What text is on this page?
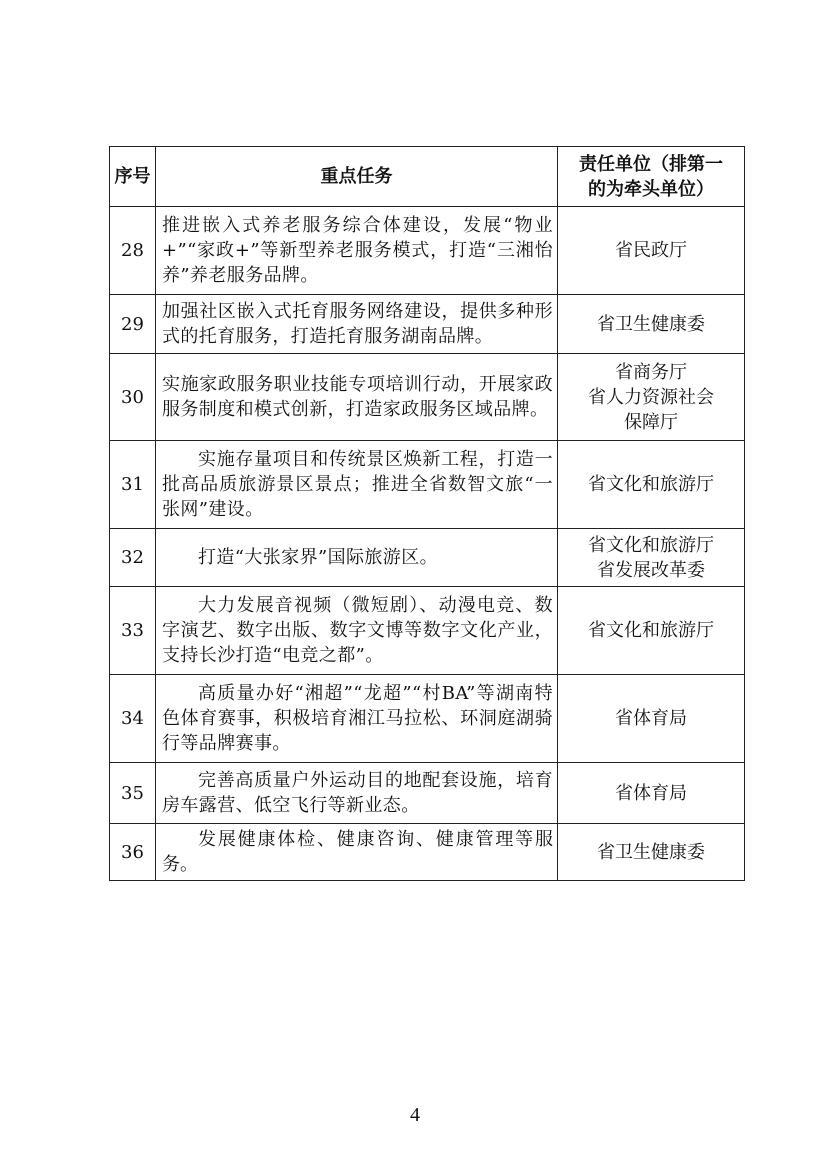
序号	重点任务	责任单位（排第一
的为牵头单位）

28	推进嵌入式养老服务综合体建设，发展“物业+”“家政+”等新型养老服务模式，打造“三湘怡养”养老服务品牌。	省民政厅

29	加强社区嵌入式托育服务网络建设，提供多种形式的托育服务，打造托育服务湖南品牌。	省卫生健康委

30	实施家政服务职业技能专项培训行动，开展家政服务制度和模式创新，打造家政服务区域品牌。	省商务厅
省人力资源社会
保障厅

31	实施存量项目和传统景区焕新工程，打造一批高品质旅游景区景点；推进全省数智文旅“一张网”建设。	省文化和旅游厅

32	打造“大张家界”国际旅游区。	省文化和旅游厅
省发展改革委

33	大力发展音视频（微短剧）、动漫电竞、数字演艺、数字出版、数字文博等数字文化产业，支持长沙打造“电竞之都”。	省文化和旅游厅

34	高质量办好“湘超”“龙超”“村BA”等湖南特色体育赛事，积极培育湘江马拉松、环洞庭湖骑行等品牌赛事。	省体育局

35	完善高质量户外运动目的地配套设施，培育房车露营、低空飞行等新业态。	省体育局

36	发展健康体检、健康咨询、健康管理等服务。	省卫生健康委
4
